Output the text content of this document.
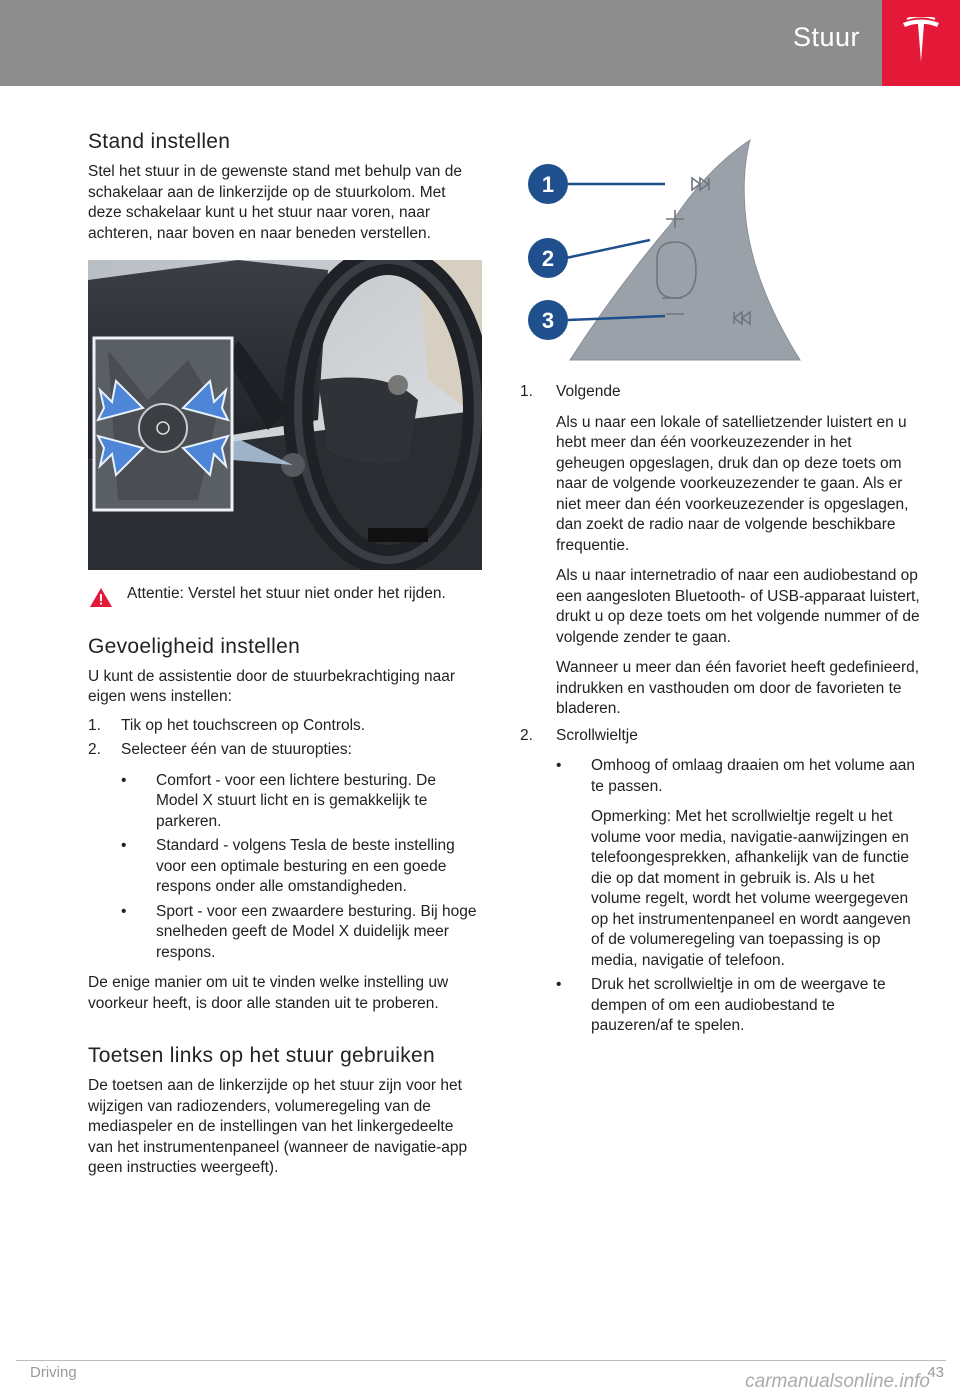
Stuur
Stand instellen

Stel het stuur in de gewenste stand met behulp van de schakelaar aan de linkerzijde op de stuurkolom. Met deze schakelaar kunt u het stuur naar voren, naar achteren, naar boven en naar beneden verstellen.

Attentie: Verstel het stuur niet onder het rijden.
Gevoeligheid instellen

U kunt de assistentie door de stuurbekrachtiging naar eigen wens instellen:

1. Tik op het touchscreen op Controls.
2. Selecteer één van de stuuropties:
• Comfort - voor een lichtere besturing. De Model X stuurt licht en is gemakkelijk te parkeren.
• Standard - volgens Tesla de beste instelling voor een optimale besturing en een goede respons onder alle omstandigheden.
• Sport - voor een zwaardere besturing. Bij hoge snelheden geeft de Model X duidelijk meer respons.

De enige manier om uit te vinden welke instelling uw voorkeur heeft, is door alle standen uit te proberen.

Toetsen links op het stuur gebruiken

De toetsen aan de linkerzijde op het stuur zijn voor het wijzigen van radiozenders, volumeregeling van de mediaspeler en de instellingen van het linkergedeelte van het instrumentenpaneel (wanneer de navigatie-app geen instructies weergeeft).

1
2
3
1. Volgende

Als u naar een lokale of satellietzender luistert en u hebt meer dan één voorkeuzezender in het geheugen opgeslagen, druk dan op deze toets om naar de volgende voorkeuzezender te gaan. Als er niet meer dan één voorkeuzezender is opgeslagen, dan zoekt de radio naar de volgende beschikbare frequentie.

Als u naar internetradio of naar een audiobestand op een aangesloten Bluetooth- of USB-apparaat luistert, drukt u op deze toets om het volgende nummer of de volgende zender te gaan.

Wanneer u meer dan één favoriet heeft gedefinieerd, indrukken en vasthouden om door de favorieten te bladeren.

2. Scrollwieltje

• Omhoog of omlaag draaien om het volume aan te passen.

Opmerking: Met het scrollwieltje regelt u het volume voor media, navigatie-aanwijzingen en telefoongesprekken, afhankelijk van de functie die op dat moment in gebruik is. Als u het volume regelt, wordt het volume weergegeven op het instrumentenpaneel en wordt aangeven of de volumeregeling van toepassing is op media, navigatie of telefoon.

• Druk het scrollwieltje in om de weergave te dempen of om een audiobestand te pauzeren/af te spelen.

Driving	43
carmanualsonline.info
